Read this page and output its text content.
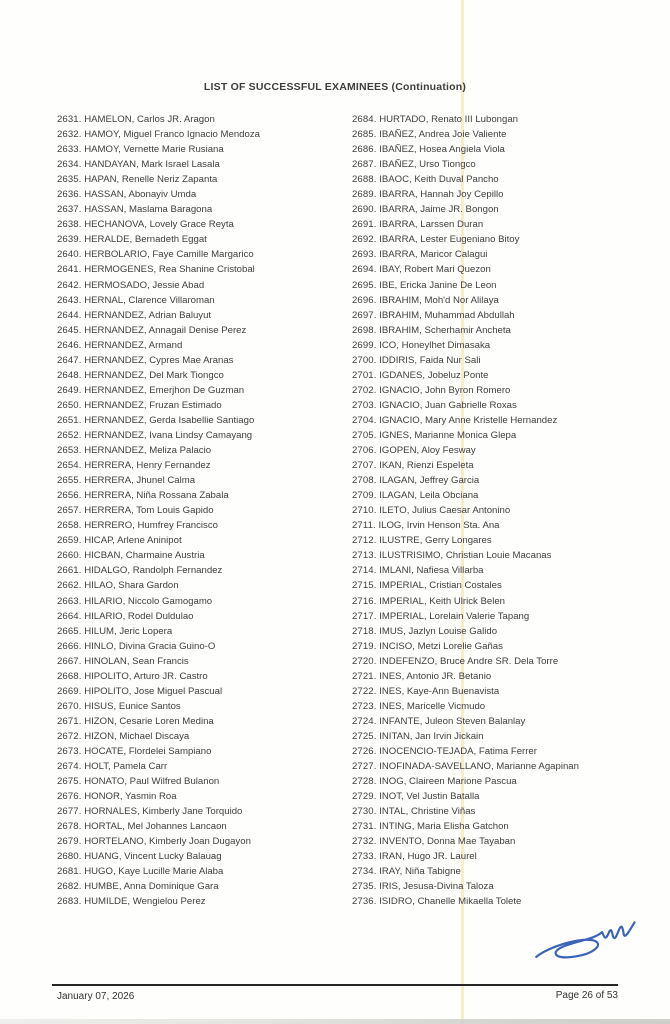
LIST OF SUCCESSFUL EXAMINEES (Continuation)
2631. HAMELON, Carlos JR. Aragon
2632. HAMOY, Miguel Franco Ignacio Mendoza
2633. HAMOY, Vernette Marie Rusiana
2634. HANDAYAN, Mark Israel Lasala
2635. HAPAN, Renelle Neriz Zapanta
2636. HASSAN, Abonayiv Umda
2637. HASSAN, Maslama Baragona
2638. HECHANOVA, Lovely Grace Reyta
2639. HERALDE, Bernadeth Eggat
2640. HERBOLARIO, Faye Camille Margarico
2641. HERMOGENES, Rea Shanine Cristobal
2642. HERMOSADO, Jessie Abad
2643. HERNAL, Clarence Villaroman
2644. HERNANDEZ, Adrian Baluyut
2645. HERNANDEZ, Annagail Denise Perez
2646. HERNANDEZ, Armand
2647. HERNANDEZ, Cypres Mae Aranas
2648. HERNANDEZ, Del Mark Tiongco
2649. HERNANDEZ, Emerjhon De Guzman
2650. HERNANDEZ, Fruzan Estimado
2651. HERNANDEZ, Gerda Isabellie Santiago
2652. HERNANDEZ, Ivana Lindsy Camayang
2653. HERNANDEZ, Meliza Palacio
2654. HERRERA, Henry Fernandez
2655. HERRERA, Jhunel Calma
2656. HERRERA, Niña Rossana Zabala
2657. HERRERA, Tom Louis Gapido
2658. HERRERO, Humfrey Francisco
2659. HICAP, Arlene Aninipot
2660. HICBAN, Charmaine Austria
2661. HIDALGO, Randolph Fernandez
2662. HILAO, Shara Gardon
2663. HILARIO, Niccolo Gamogamo
2664. HILARIO, Rodel Duldulao
2665. HILUM, Jeric Lopera
2666. HINLO, Divina Gracia Guino-O
2667. HINOLAN, Sean Francis
2668. HIPOLITO, Arturo JR. Castro
2669. HIPOLITO, Jose Miguel Pascual
2670. HISUS, Eunice Santos
2671. HIZON, Cesarie Loren Medina
2672. HIZON, Michael Discaya
2673. HOCATE, Flordelei Sampiano
2674. HOLT, Pamela Carr
2675. HONATO, Paul Wilfred Bulanon
2676. HONOR, Yasmin Roa
2677. HORNALES, Kimberly Jane Torquido
2678. HORTAL, Mel Johannes Lancaon
2679. HORTELANO, Kimberly Joan Dugayon
2680. HUANG, Vincent Lucky Balauag
2681. HUGO, Kaye Lucille Marie Alaba
2682. HUMBE, Anna Dominique Gara
2683. HUMILDE, Wengielou Perez
2684. HURTADO, Renato III Lubongan
2685. IBAÑEZ, Andrea Joie Valiente
2686. IBAÑEZ, Hosea Angiela Viola
2687. IBAÑEZ, Urso Tiongco
2688. IBAOC, Keith Duval Pancho
2689. IBARRA, Hannah Joy Cepillo
2690. IBARRA, Jaime JR. Bongon
2691. IBARRA, Larssen Duran
2692. IBARRA, Lester Eugeniano Bitoy
2693. IBARRA, Maricor Calagui
2694. IBAY, Robert Mari Quezon
2695. IBE, Ericka Janine De Leon
2696. IBRAHIM, Moh'd Nor Alilaya
2697. IBRAHIM, Muhammad Abdullah
2698. IBRAHIM, Scherhamir Ancheta
2699. ICO, Honeylhet Dimasaka
2700. IDDIRIS, Faida Nur Sali
2701. IGDANES, Jobeluz Ponte
2702. IGNACIO, John Byron Romero
2703. IGNACIO, Juan Gabrielle Roxas
2704. IGNACIO, Mary Anne Kristelle Hernandez
2705. IGNES, Marianne Monica Glepa
2706. IGOPEN, Aloy Fesway
2707. IKAN, Rienzi Espeleta
2708. ILAGAN, Jeffrey Garcia
2709. ILAGAN, Leila Obciana
2710. ILETO, Julius Caesar Antonino
2711. ILOG, Irvin Henson Sta. Ana
2712. ILUSTRE, Gerry Longares
2713. ILUSTRISIMO, Christian Louie Macanas
2714. IMLANI, Nafiesa Villarba
2715. IMPERIAL, Cristian Costales
2716. IMPERIAL, Keith Ulrick Belen
2717. IMPERIAL, Lorelain Valerie Tapang
2718. IMUS, Jazlyn Louise Galido
2719. INCISO, Metzi Lorelie Gañas
2720. INDEFENZO, Bruce Andre SR. Dela Torre
2721. INES, Antonio JR. Betanio
2722. INES, Kaye-Ann Buenavista
2723. INES, Maricelle Vicmudo
2724. INFANTE, Juleon Steven Balanlay
2725. INITAN, Jan Irvin Jickain
2726. INOCENCIO-TEJADA, Fatima Ferrer
2727. INOFINADA-SAVELLANO, Marianne Agapinan
2728. INOG, Claireen Marione Pascua
2729. INOT, Vel Justin Batalla
2730. INTAL, Christine Viñas
2731. INTING, Maria Elisha Gatchon
2732. INVENTO, Donna Mae Tayaban
2733. IRAN, Hugo JR. Laurel
2734. IRAY, Niña Tabigne
2735. IRIS, Jesusa-Divina Taloza
2736. ISIDRO, Chanelle Mikaella Tolete
January 07, 2026	Page 26 of 53
